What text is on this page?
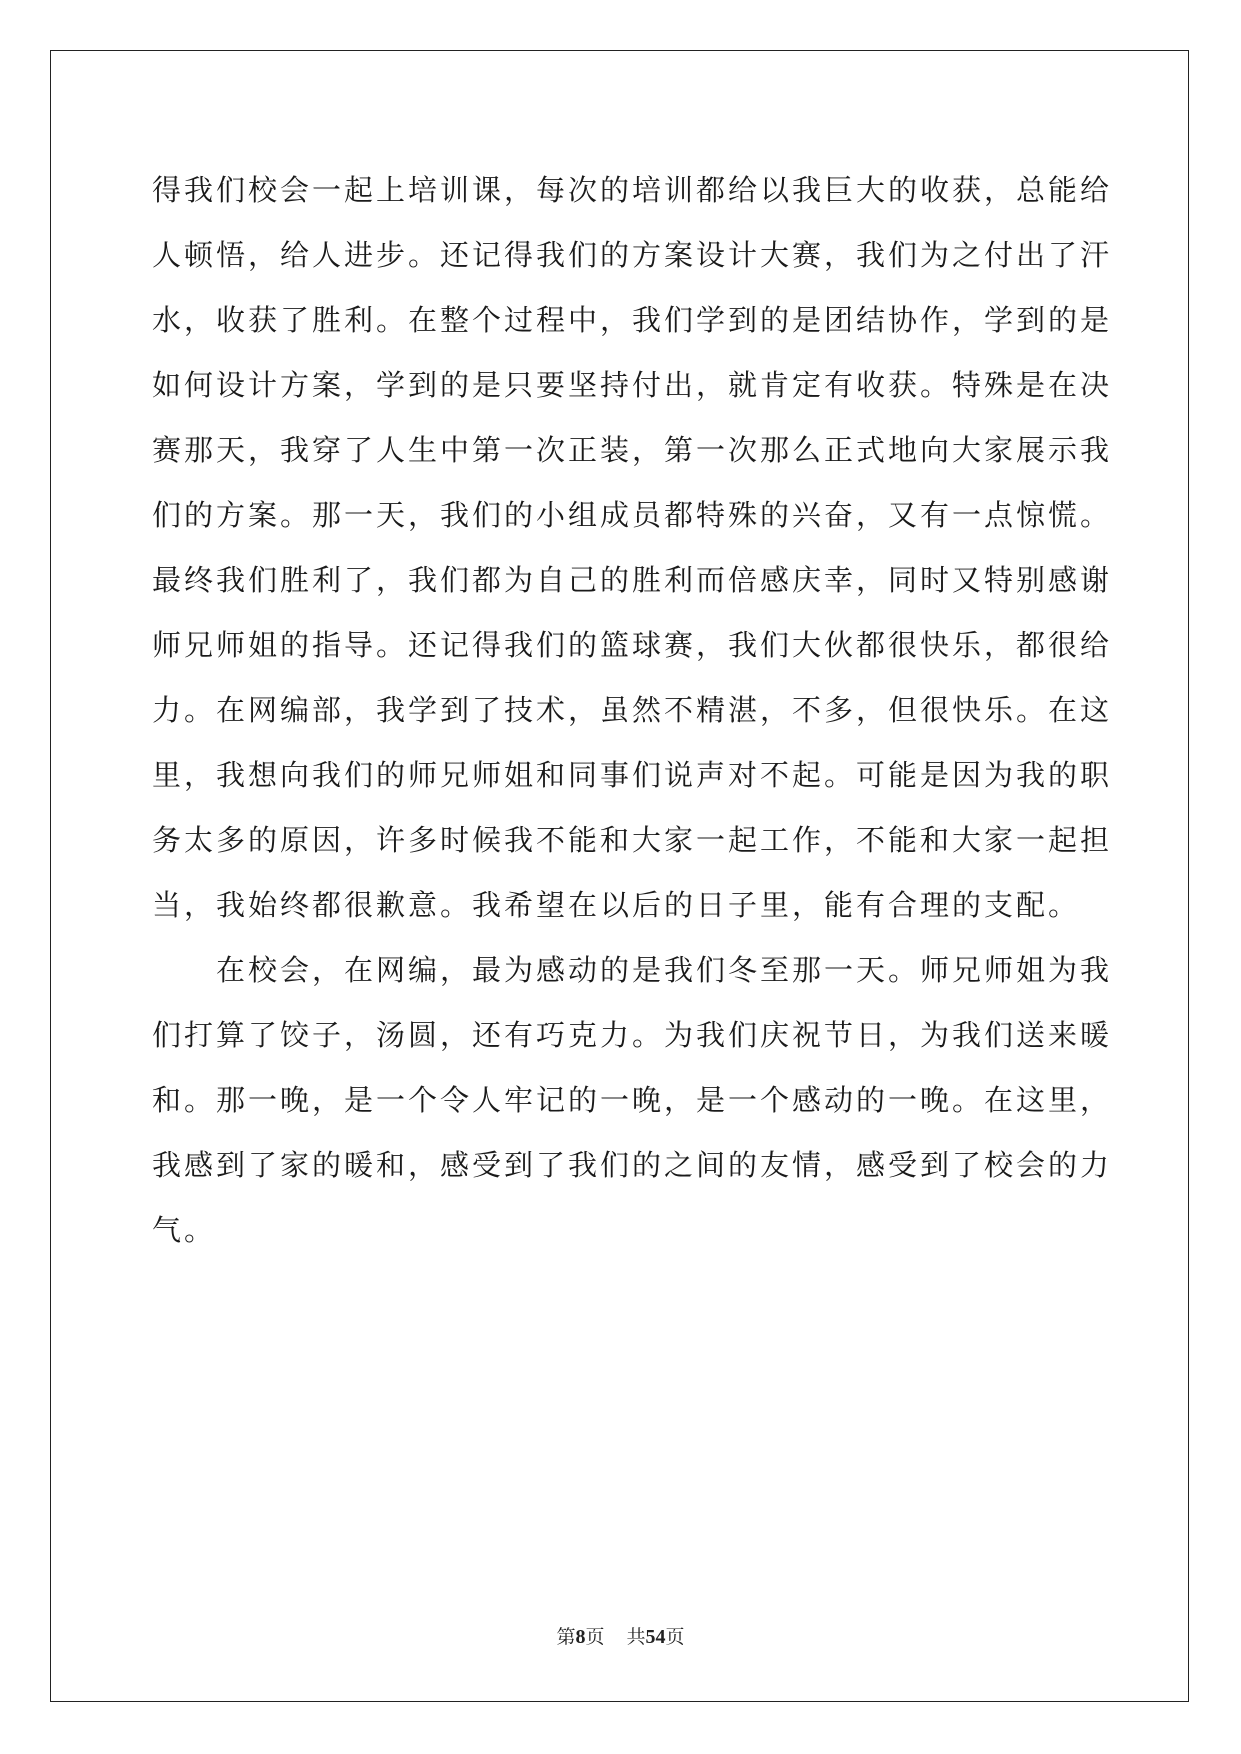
得我们校会一起上培训课，每次的培训都给以我巨大的收获，总能给
人顿悟，给人进步。还记得我们的方案设计大赛，我们为之付出了汗
水，收获了胜利。在整个过程中，我们学到的是团结协作，学到的是
如何设计方案，学到的是只要坚持付出，就肯定有收获。特殊是在决
赛那天，我穿了人生中第一次正装，第一次那么正式地向大家展示我
们的方案。那一天，我们的小组成员都特殊的兴奋，又有一点惊慌。
最终我们胜利了，我们都为自己的胜利而倍感庆幸，同时又特别感谢
师兄师姐的指导。还记得我们的篮球赛，我们大伙都很快乐，都很给
力。在网编部，我学到了技术，虽然不精湛，不多，但很快乐。在这
里，我想向我们的师兄师姐和同事们说声对不起。可能是因为我的职
务太多的原因，许多时候我不能和大家一起工作，不能和大家一起担
当，我始终都很歉意。我希望在以后的日子里，能有合理的支配。
在校会，在网编，最为感动的是我们冬至那一天。师兄师姐为我
们打算了饺子，汤圆，还有巧克力。为我们庆祝节日，为我们送来暖
和。那一晚，是一个令人牢记的一晚，是一个感动的一晚。在这里，
我感到了家的暖和，感受到了我们的之间的友情，感受到了校会的力
气。
第8页 共54页
